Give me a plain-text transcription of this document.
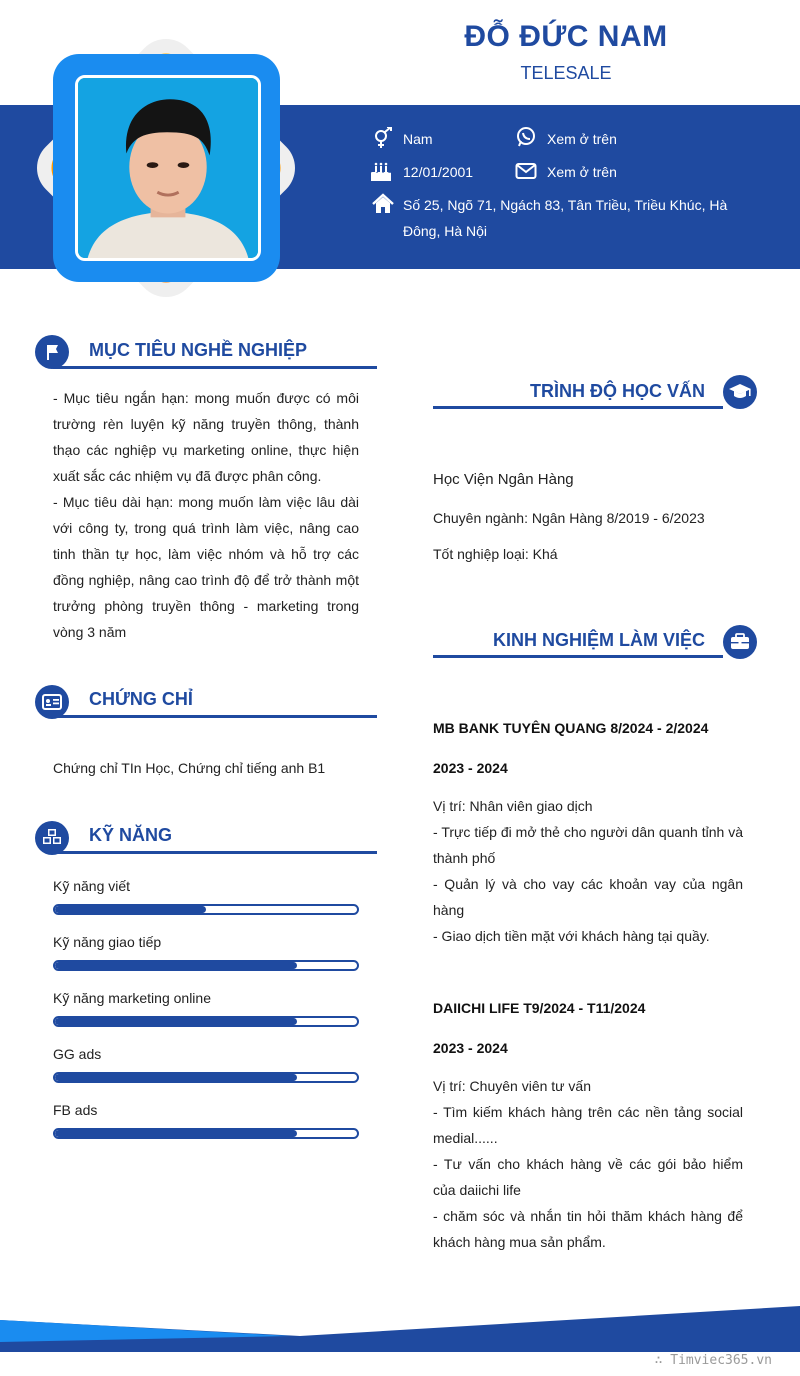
ĐỖ ĐỨC NAM
TELESALE
Nam	Xem ở trên
12/01/2001	Xem ở trên
Số 25, Ngõ 71, Ngách 83, Tân Triều, Triều Khúc, Hà
Đông, Hà Nội
MỤC TIÊU NGHỀ NGHIỆP

- Mục tiêu ngắn hạn: mong muốn được có môi trường rèn luyện kỹ năng truyền thông, thành thạo các nghiệp vụ marketing online, thực hiện xuất sắc các nhiệm vụ đã được phân công.

- Mục tiêu dài hạn: mong muốn làm việc lâu dài với công ty, trong quá trình làm việc, nâng cao tinh thần tự học, làm việc nhóm và hỗ trợ các đồng nghiệp, nâng cao trình độ để trở thành một trưởng phòng truyền thông - marketing trong vòng 3 năm

CHỨNG CHỈ
Chứng chỉ TIn Học, Chứng chỉ tiếng anh B1
KỸ NĂNG
Kỹ năng viết
Kỹ năng giao tiếp
Kỹ năng marketing online
GG ads
FB ads
TRÌNH ĐỘ HỌC VẤN
Học Viện Ngân Hàng
Chuyên ngành: Ngân Hàng 8/2019 - 6/2023
Tốt nghiệp loại: Khá
KINH NGHIỆM LÀM VIỆC
MB BANK TUYÊN QUANG 8/2024 - 2/2024
2023 - 2024

Vị trí: Nhân viên giao dịch

- Trực tiếp đi mở thẻ cho người dân quanh tỉnh và thành phố

- Quản lý và cho vay các khoản vay của ngân hàng

- Giao dịch tiền mặt với khách hàng tại quầy.

DAIICHI LIFE T9/2024 - T11/2024
2023 - 2024

Vị trí: Chuyên viên tư vấn

- Tìm kiếm khách hàng trên các nền tảng social medial......

- Tư vấn cho khách hàng về các gói bảo hiểm của daiichi life

- chăm sóc và nhắn tin hỏi thăm khách hàng để khách hàng mua sản phẩm.

∴ Timviec365.vn
